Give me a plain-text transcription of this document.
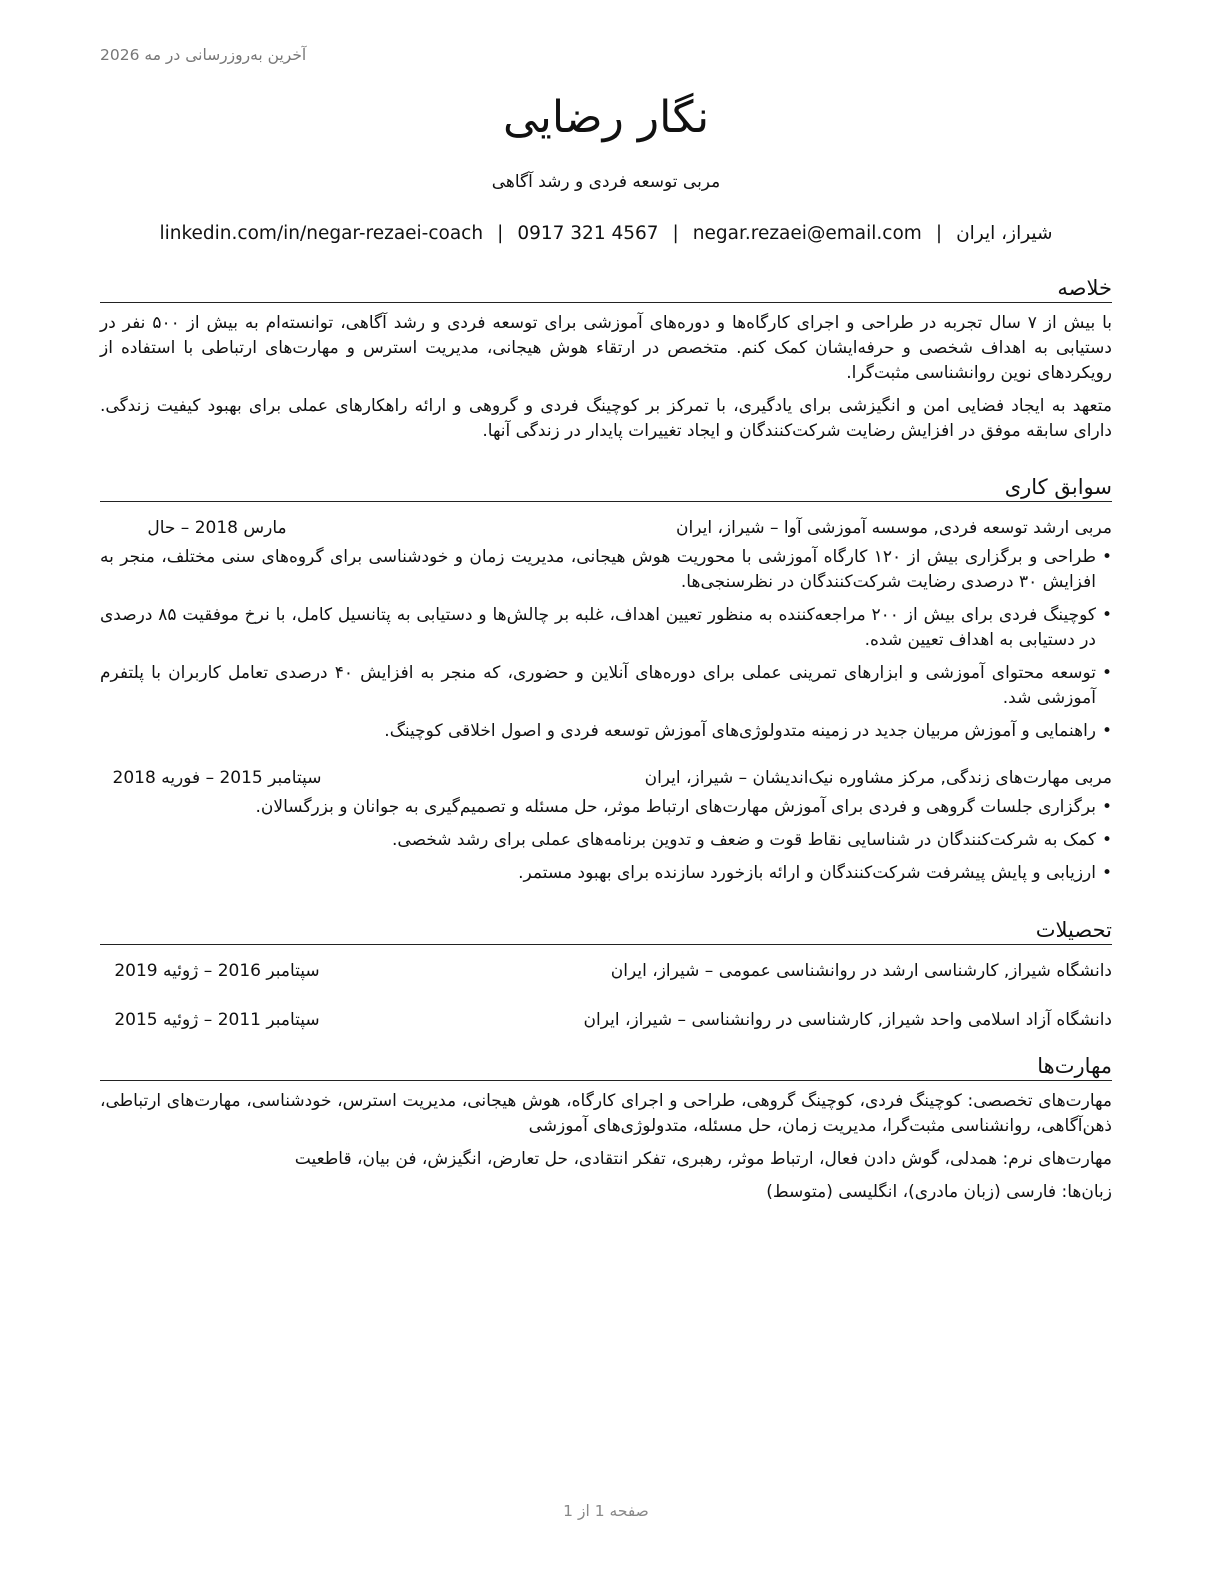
آخرین به‌روزرسانی در مه 2026
نگار رضایی
مربی توسعه فردی و رشد آگاهی
شیراز، ایران|negar.rezaei@email.com|0917 321 4567|linkedin.com/in/negar-rezaei-coach
خلاصه
با بیش از ۷ سال تجربه در طراحی و اجرای کارگاه‌ها و دوره‌های آموزشی برای توسعه فردی و رشد آگاهی، توانسته‌ام به بیش از ۵۰۰ نفر در دستیابی به اهداف شخصی و حرفه‌ایشان کمک کنم. متخصص در ارتقاء هوش هیجانی، مدیریت استرس و مهارت‌های ارتباطی با استفاده از رویکردهای نوین روانشناسی مثبت‌گرا.
متعهد به ایجاد فضایی امن و انگیزشی برای یادگیری، با تمرکز بر کوچینگ فردی و گروهی و ارائه راهکارهای عملی برای بهبود کیفیت زندگی. دارای سابقه موفق در افزایش رضایت شرکت‌کنندگان و ایجاد تغییرات پایدار در زندگی آنها.
سوابق کاری
مربی ارشد توسعه فردی, موسسه آموزشی آوا – شیراز، ایران
مارس 2018 – حال
• طراحی و برگزاری بیش از ۱۲۰ کارگاه آموزشی با محوریت هوش هیجانی، مدیریت زمان و خودشناسی برای گروه‌های سنی مختلف، منجر به افزایش ۳۰ درصدی رضایت شرکت‌کنندگان در نظرسنجی‌ها.
• کوچینگ فردی برای بیش از ۲۰۰ مراجعه‌کننده به منظور تعیین اهداف، غلبه بر چالش‌ها و دستیابی به پتانسیل کامل، با نرخ موفقیت ۸۵ درصدی در دستیابی به اهداف تعیین شده.
• توسعه محتوای آموزشی و ابزارهای تمرینی عملی برای دوره‌های آنلاین و حضوری، که منجر به افزایش ۴۰ درصدی تعامل کاربران با پلتفرم آموزشی شد.
• راهنمایی و آموزش مربیان جدید در زمینه متدولوژی‌های آموزش توسعه فردی و اصول اخلاقی کوچینگ.
مربی مهارت‌های زندگی, مرکز مشاوره نیک‌اندیشان – شیراز، ایران
سپتامبر 2015 – فوریه 2018
• برگزاری جلسات گروهی و فردی برای آموزش مهارت‌های ارتباط موثر، حل مسئله و تصمیم‌گیری به جوانان و بزرگسالان.
• کمک به شرکت‌کنندگان در شناسایی نقاط قوت و ضعف و تدوین برنامه‌های عملی برای رشد شخصی.
• ارزیابی و پایش پیشرفت شرکت‌کنندگان و ارائه بازخورد سازنده برای بهبود مستمر.
تحصیلات
دانشگاه شیراز, کارشناسی ارشد در روانشناسی عمومی – شیراز، ایران
سپتامبر 2016 – ژوئیه 2019
دانشگاه آزاد اسلامی واحد شیراز, کارشناسی در روانشناسی – شیراز، ایران
سپتامبر 2011 – ژوئیه 2015
مهارت‌ها
مهارت‌های تخصصی: کوچینگ فردی، کوچینگ گروهی، طراحی و اجرای کارگاه، هوش هیجانی، مدیریت استرس، خودشناسی، مهارت‌های ارتباطی، ذهن‌آگاهی، روانشناسی مثبت‌گرا، مدیریت زمان، حل مسئله، متدولوژی‌های آموزشی
مهارت‌های نرم: همدلی، گوش دادن فعال، ارتباط موثر، رهبری، تفکر انتقادی، حل تعارض، انگیزش، فن بیان، قاطعیت
زبان‌ها: فارسی (زبان مادری)، انگلیسی (متوسط)
صفحه 1 از 1
